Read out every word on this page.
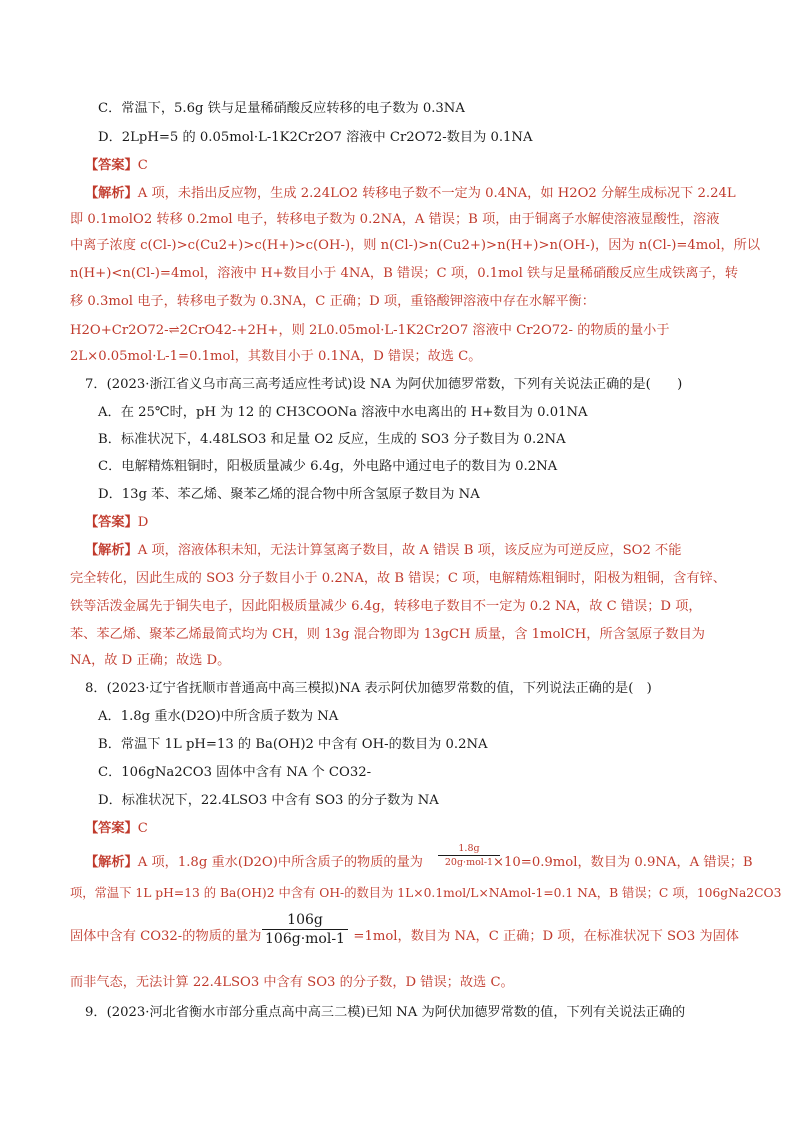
C．常温下，5.6g 铁与足量稀硝酸反应转移的电子数为 0.3NA
D．2LpH=5 的 0.05mol·L-1K2Cr2O7 溶液中 Cr2O72-数目为 0.1NA
【答案】C
【解析】A 项，未指出反应物，生成 2.24LO2 转移电子数不一定为 0.4NA，如 H2O2 分解生成标况下 2.24L
即 0.1molO2 转移 0.2mol 电子，转移电子数为 0.2NA，A 错误；B 项，由于铜离子水解使溶液显酸性，溶液
中离子浓度 c(Cl-)>c(Cu2+)>c(H+)>c(OH-)，则 n(Cl-)>n(Cu2+)>n(H+)>n(OH-)，因为 n(Cl-)=4mol，所以
n(H+)<n(Cl-)=4mol，溶液中 H+数目小于 4NA，B 错误；C 项，0.1mol 铁与足量稀硝酸反应生成铁离子，转
移 0.3mol 电子，转移电子数为 0.3NA，C 正确；D 项，重铬酸钾溶液中存在水解平衡：
H2O+Cr2O72-⇌2CrO42-+2H+，则 2L0.05mol·L-1K2Cr2O7 溶液中 Cr2O72- 的物质的量小于
2L×0.05mol·L-1=0.1mol，其数目小于 0.1NA，D 错误；故选 C。
7．(2023·浙江省义乌市高三高考适应性考试)设 NA 为阿伏加德罗常数，下列有关说法正确的是(　　)
A．在 25℃时，pH 为 12 的 CH3COONa 溶液中水电离出的 H+数目为 0.01NA
B．标准状况下，4.48LSO3 和足量 O2 反应，生成的 SO3 分子数目为 0.2NA
C．电解精炼粗铜时，阳极质量减少 6.4g，外电路中通过电子的数目为 0.2NA
D．13g 苯、苯乙烯、聚苯乙烯的混合物中所含氢原子数目为 NA
【答案】D
【解析】A 项，溶液体积未知，无法计算氢离子数目，故 A 错误 B 项，该反应为可逆反应，SO2 不能
完全转化，因此生成的 SO3 分子数目小于 0.2NA，故 B 错误；C 项，电解精炼粗铜时，阳极为粗铜，含有锌、
铁等活泼金属先于铜失电子，因此阳极质量减少 6.4g，转移电子数目不一定为 0.2 NA，故 C 错误；D 项，
苯、苯乙烯、聚苯乙烯最简式均为 CH，则 13g 混合物即为 13gCH 质量，含 1molCH，所含氢原子数目为
NA，故 D 正确；故选 D。
8．(2023·辽宁省抚顺市普通高中高三模拟)NA 表示阿伏加德罗常数的值，下列说法正确的是(　)
A．1.8g 重水(D2O)中所含质子数为 NA
B．常温下 1L pH=13 的 Ba(OH)2 中含有 OH-的数目为 0.2NA
C．106gNa2CO3 固体中含有 NA 个 CO32-
D．标准状况下，22.4LSO3 中含有 SO3 的分子数为 NA
【答案】C
【解析】A 项，1.8g 重水(D2O)中所含质子的物质的量为	×10=0.9mol，数目为 0.9NA，A 错误；B
1.8g
20g·mol-1
项，常温下 1L pH=13 的 Ba(OH)2 中含有 OH-的数目为 1L×0.1mol/L×NAmol-1=0.1 NA，B 错误；C 项，106gNa2CO3
固体中含有 CO32-的物质的量为	=1mol，数目为 NA，C 正确；D 项，在标准状况下 SO3 为固体
106g
106g·mol-1
而非气态，无法计算 22.4LSO3 中含有 SO3 的分子数，D 错误；故选 C。
9．(2023·河北省衡水市部分重点高中高三二模)已知 NA 为阿伏加德罗常数的值，下列有关说法正确的
